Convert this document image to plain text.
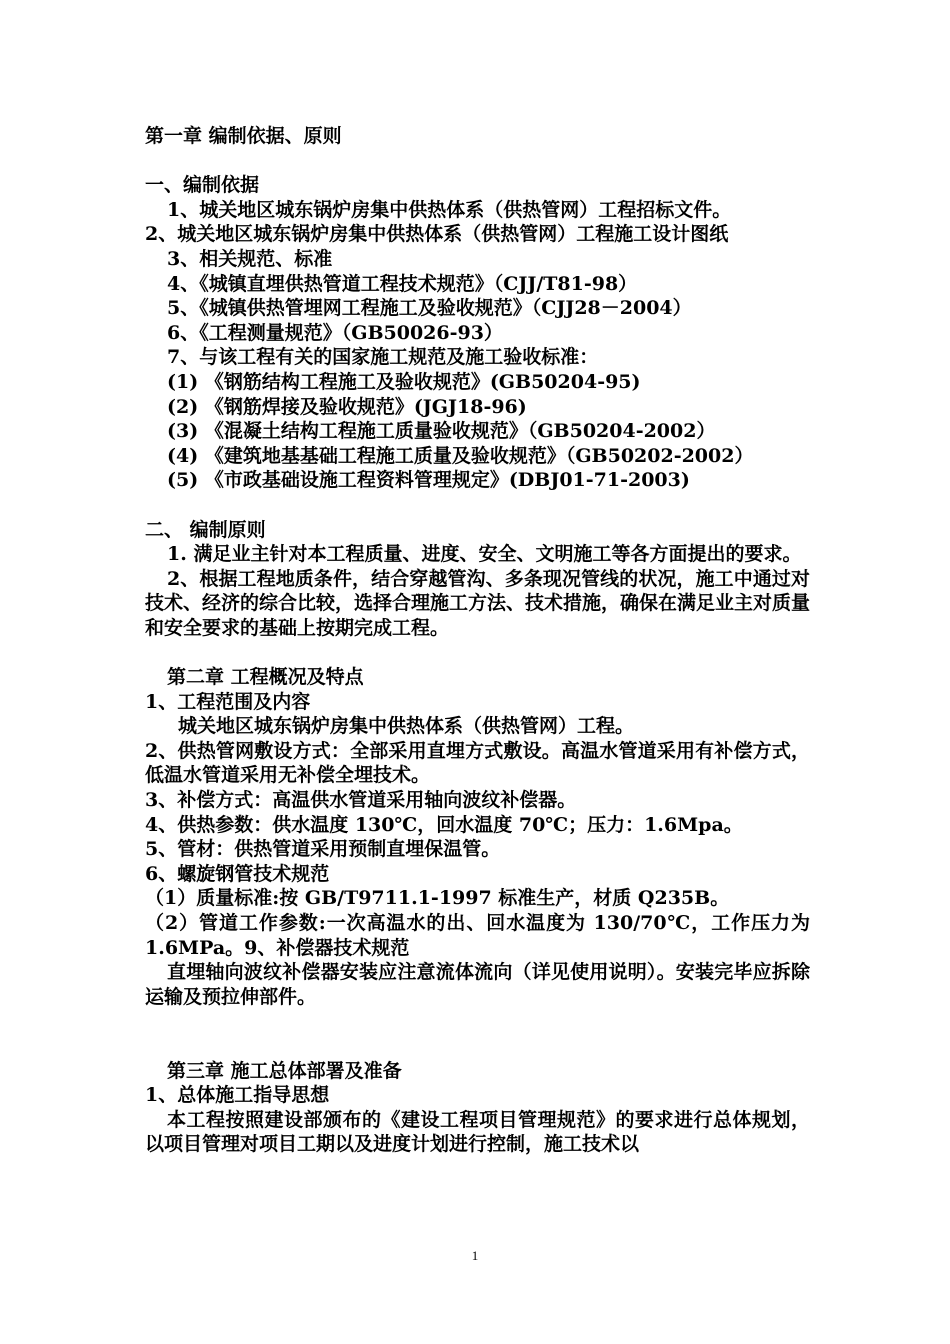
第一章 编制依据、原则
一、编制依据
1、城关地区城东锅炉房集中供热体系（供热管网）工程招标文件。
2、城关地区城东锅炉房集中供热体系（供热管网）工程施工设计图纸
3、相关规范、标准
4、《城镇直埋供热管道工程技术规范》（CJJ/T81-98）
5、《城镇供热管埋网工程施工及验收规范》（CJJ28－2004）
6、《工程测量规范》（GB50026-93）
7、与该工程有关的国家施工规范及施工验收标准：
(1) 《钢筋结构工程施工及验收规范》(GB50204-95)
(2) 《钢筋焊接及验收规范》(JGJ18-96)
(3) 《混凝土结构工程施工质量验收规范》（GB50204-2002）
(4) 《建筑地基基础工程施工质量及验收规范》（GB50202-2002）
(5) 《市政基础设施工程资料管理规定》(DBJ01-71-2003)
二、 编制原则
1. 满足业主针对本工程质量、进度、安全、文明施工等各方面提出的要求。
2、根据工程地质条件，结合穿越管沟、多条现况管线的状况，施工中通过对技术、经济的综合比较，选择合理施工方法、技术措施，确保在满足业主对质量和安全要求的基础上按期完成工程。
第二章 工程概况及特点
1、工程范围及内容
城关地区城东锅炉房集中供热体系（供热管网）工程。
2、供热管网敷设方式：全部采用直埋方式敷设。高温水管道采用有补偿方式，低温水管道采用无补偿全埋技术。
3、补偿方式：高温供水管道采用轴向波纹补偿器。
4、供热参数：供水温度 130℃，回水温度 70℃；压力：1.6Mpa。
5、管材：供热管道采用预制直埋保温管。
6、螺旋钢管技术规范
（1）质量标准:按 GB/T9711.1-1997 标准生产，材质 Q235B。
（2）管道工作参数:一次高温水的出、回水温度为 130/70℃，工作压力为 1.6MPa。9、补偿器技术规范
直埋轴向波纹补偿器安装应注意流体流向（详见使用说明）。安装完毕应拆除运输及预拉伸部件。
第三章 施工总体部署及准备
1、总体施工指导思想
本工程按照建设部颁布的《建设工程项目管理规范》的要求进行总体规划，以项目管理对项目工期以及进度计划进行控制，施工技术以
1
